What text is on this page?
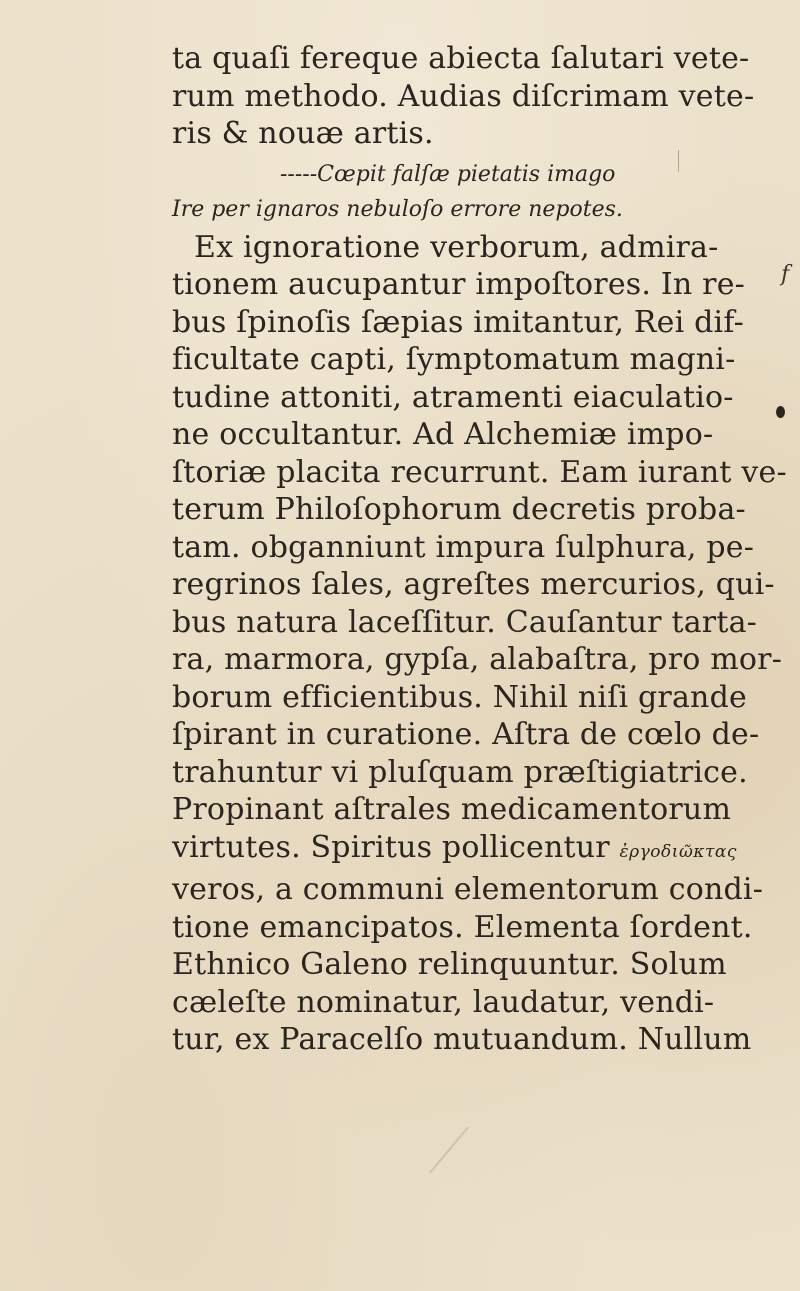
ta quaſi fereque abiecta ſalutari vete-
rum methodo. Audias diſcrimam vete-
ris & nouæ artis.
-----Cœpit falſæ pietatis imago
Ire per ignaros nebuloſo errore nepotes.
Ex ignoratione verborum, admira-
tionem aucupantur impoſtores. In re-
bus ſpinoſis ſæpias imitantur, Rei dif-
ficultate capti, ſymptomatum magni-
tudine attoniti, atramenti eiaculatio-
ne occultantur. Ad Alchemiæ impo-
ſtoriæ placita recurrunt. Eam iurant ve-
terum Philoſophorum decretis proba-
tam. obganniunt impura ſulphura, pe-
regrinos ſales, agreſtes mercurios, qui-
bus natura laceſſitur. Cauſantur tarta-
ra, marmora, gypſa, alabaſtra, pro mor-
borum efficientibus. Nihil niſi grande
ſpirant in curatione. Aſtra de cœlo de-
trahuntur vi pluſquam præſtigiatrice.
Propinant aſtrales medicamentorum
virtutes. Spiritus pollicentur ἐργοδιῶκτας
veros, a communi elementorum condi-
tione emancipatos. Elementa ſordent.
Ethnico Galeno relinquuntur. Solum
cæleſte nominatur, laudatur, vendi-
tur, ex Paracelſo mutuandum. Nullum
f
